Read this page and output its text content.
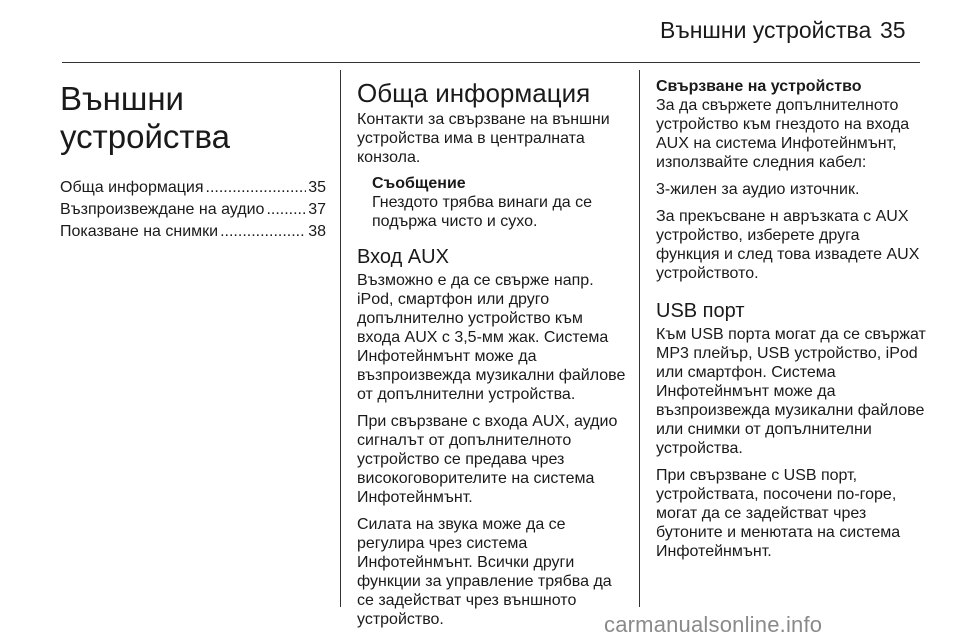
Външни устройства 35
Външни устройства
Обща информация .....	35
Възпроизвеждане на аудио .....	37
Показване на снимки .....	38
Обща информация

Контакти за свързване на външни устройства има в централната конзола.

Съобщение

Гнездото трябва винаги да се подържа чисто и сухо.

Вход AUX

Възможно е да се свърже напр. iPod, смартфон или друго допълнително устройство към входа AUX с 3,5-мм жак. Системa Инфотейнмънт може да възпроизвежда музикални файлове от допълнителни устройства.

При свързване с входа AUX, аудио сигналът от допълнителното устройство се предава чрез високоговорителите на система Инфотейнмънт.

Силата на звука може да се регулира чрез система Инфотейнмънт. Всички други функции за управление трябва да се задействат чрез външното устройство.

Свързване на устройство

За да свържете допълнителното устройство към гнездото на входа AUX на система Инфотейнмънт, използвайте следния кабел:

3-жилен за аудио източник.

За прекъсване н авръзката с AUX устройство, изберете друга функция и след това извадете AUX устройството.

USB порт

Към USB порта могат да се свържат MP3 плейър, USB устройство, iPod или смартфон. Система Инфотейнмънт може да възпроизвежда музикални файлове или снимки от допълнителни устройства.

При свързване с USB порт, устройствата, посочени по-горе, могат да се задействат чрез бутоните и менютата на система Инфотейнмънт.

carmanualsonline.info
